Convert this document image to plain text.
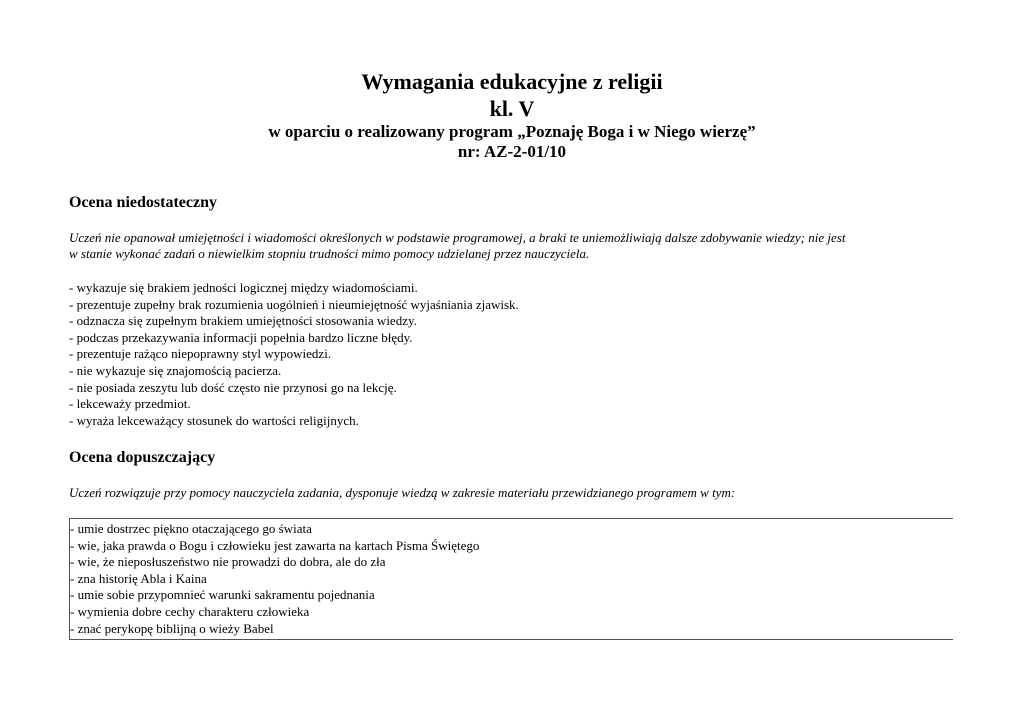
Wymagania edukacyjne z religii

kl. V

w oparciu o realizowany program „Poznaję Boga i w Niego wierzę”

nr: AZ-2-01/10

Ocena niedostateczny

Uczeń nie opanował umiejętności i wiadomości określonych w podstawie programowej, a braki te uniemożliwiają dalsze zdobywanie wiedzy; nie jest

w stanie wykonać zadań o niewielkim stopniu trudności mimo pomocy udzielanej przez nauczyciela.

- wykazuje się brakiem jedności logicznej między wiadomościami.
- prezentuje zupełny brak rozumienia uogólnień i nieumiejętność wyjaśniania zjawisk.
- odznacza się zupełnym brakiem umiejętności stosowania wiedzy.
- podczas przekazywania informacji popełnia bardzo liczne błędy.
- prezentuje rażąco niepoprawny styl wypowiedzi.
- nie wykazuje się znajomością pacierza.
- nie posiada zeszytu lub dość często nie przynosi go na lekcję.
- lekceważy przedmiot.
- wyraża lekceważący stosunek do wartości religijnych.

Ocena dopuszczający

Uczeń rozwiązuje przy pomocy nauczyciela zadania, dysponuje wiedzą w zakresie materiału przewidzianego programem w tym:

- umie dostrzec piękno otaczającego go świata
- wie, jaka prawda o Bogu i człowieku jest zawarta na kartach Pisma Świętego
- wie, że nieposłuszeństwo nie prowadzi do dobra, ale do zła
- zna historię Abla i Kaina
- umie sobie przypomnieć warunki sakramentu pojednania
- wymienia dobre cechy charakteru człowieka
- znać perykopę biblijną o wieży Babel
